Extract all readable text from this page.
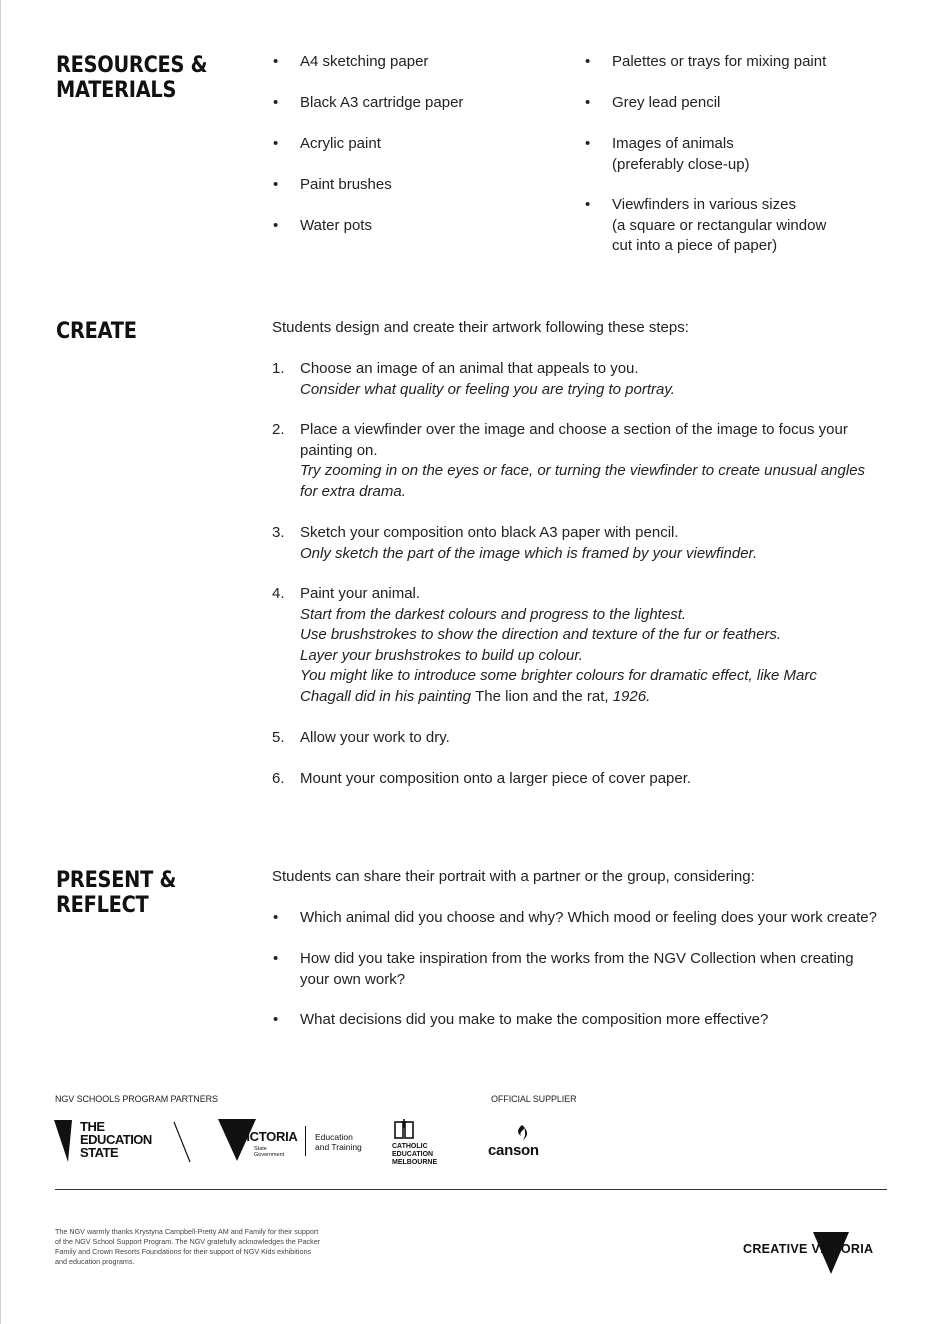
RESOURCES &
MATERIALS
• A4 sketching paper
• Black A3 cartridge paper
• Acrylic paint
• Paint brushes
• Water pots
• Palettes or trays for mixing paint
• Grey lead pencil
• Images of animals
(preferably close-up)
• Viewfinders in various sizes
(a square or rectangular window
cut into a piece of paper)
CREATE	Students design and create their artwork following these steps:
1. Choose an image of an animal that appeals to you.
Consider what quality or feeling you are trying to portray.
2. Place a viewfinder over the image and choose a section of the image to focus your painting on.
Try zooming in on the eyes or face, or turning the viewfinder to create unusual angles for extra drama.
3. Sketch your composition onto black A3 paper with pencil.
Only sketch the part of the image which is framed by your viewfinder.
4. Paint your animal.
Start from the darkest colours and progress to the lightest.
Use brushstrokes to show the direction and texture of the fur or feathers.
Layer your brushstrokes to build up colour.
You might like to introduce some brighter colours for dramatic effect, like Marc
Chagall did in his painting The lion and the rat, 1926.
5. Allow your work to dry.
6. Mount your composition onto a larger piece of cover paper.
PRESENT &
REFLECT
Students can share their portrait with a partner or the group, considering:
• Which animal did you choose and why? Which mood or feeling does your work create?
• How did you take inspiration from the works from the NGV Collection when creating your own work?
• What decisions did you make to make the composition more effective?
NGV SCHOOLS PROGRAM PARTNERS	OFFICIAL SUPPLIER
THE
EDUCATION
STATE
VICTORIA
State
Government
Education
and Training	CATHOLIC
EDUCATION
MELBOURNE
canson
The NGV warmly thanks Krystyna Campbell-Pretty AM and Family for their support of the NGV School Support Program. The NGV gratefully acknowledges the Packer Family and Crown Resorts Foundations for their support of NGV Kids exhibitions and education programs.
CREATIVE VICTORIA
